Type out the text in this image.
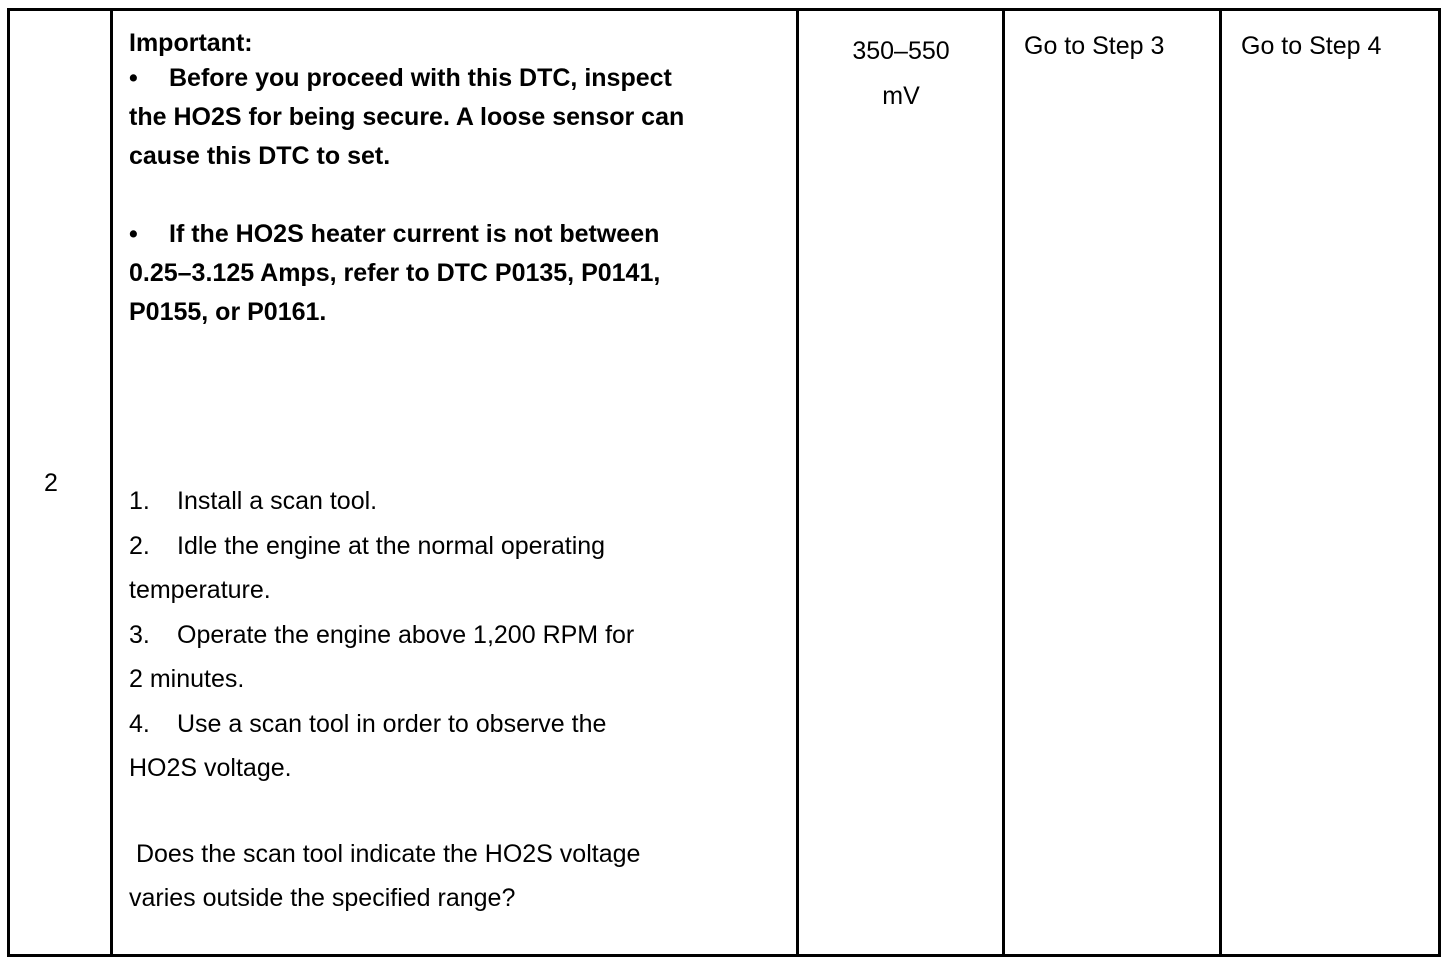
2

Important:

• Before you proceed with this DTC, inspect

the HO2S for being secure. A loose sensor can

cause this DTC to set.

• If the HO2S heater current is not between

0.25–3.125 Amps, refer to DTC P0135, P0141,

P0155, or P0161.

1. Install a scan tool.

2. Idle the engine at the normal operating

temperature.

3. Operate the engine above 1,200 RPM for

2 minutes.

4. Use a scan tool in order to observe the

HO2S voltage.

Does the scan tool indicate the HO2S voltage

varies outside the specified range?

350–550
mV
Go to Step 3	Go to Step 4
